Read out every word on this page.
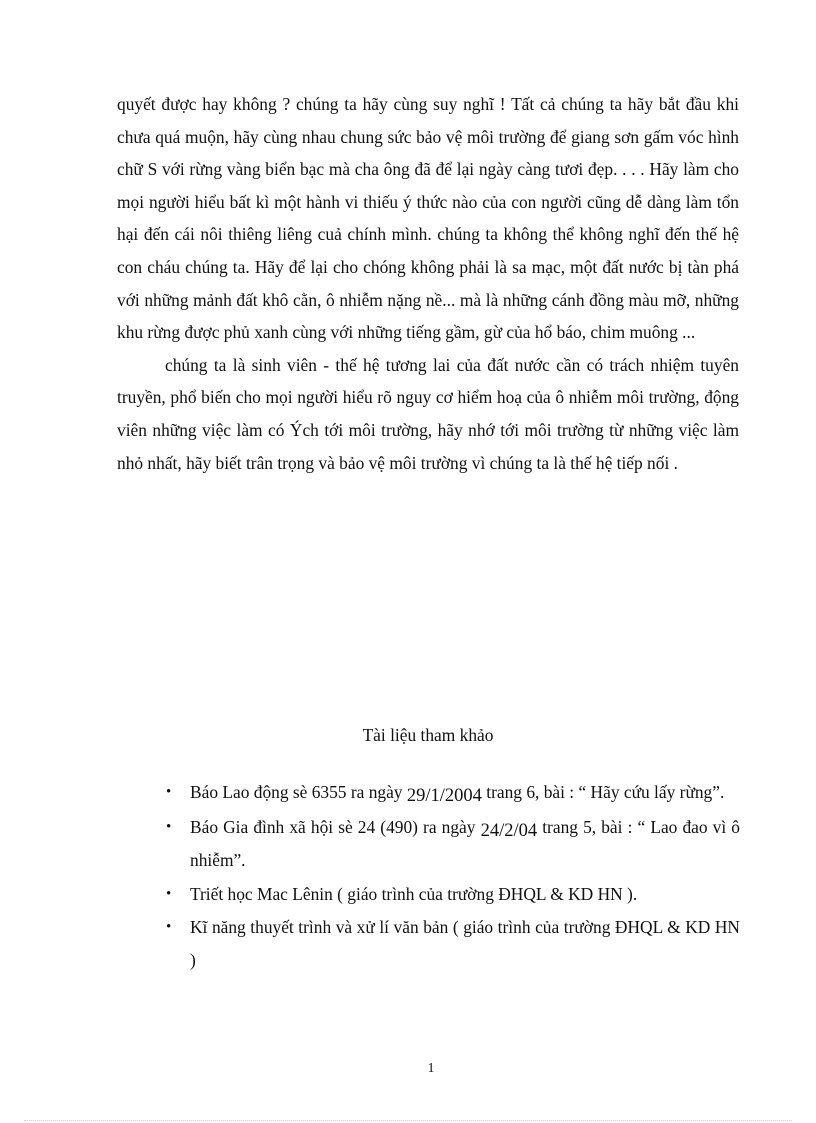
quyết được hay không ? chúng ta hãy cùng suy nghĩ ! Tất cả chúng ta hãy bắt đầu khi chưa quá muộn, hãy cùng nhau chung sức bảo vệ môi trường để giang sơn gấm vóc hình chữ S với rừng vàng biển bạc mà cha ông đã để lại ngày càng tươi đẹp. . . . Hãy làm cho mọi người hiểu bất kì một hành vi thiếu ý thức nào của con người cũng dễ dàng làm tổn hại đến cái nôi thiêng liêng cuả chính mình. chúng ta không thể không nghĩ đến thế hệ con cháu chúng ta. Hãy để lại cho chóng không phải là sa mạc, một đất nước bị tàn phá với những mảnh đất khô cằn, ô nhiễm nặng nề... mà là những cánh đồng màu mỡ, những khu rừng được phủ xanh cùng với những tiếng gầm, gừ của hổ báo, chim muông ...

chúng ta là sinh viên - thế hệ tương lai của đất nước cần có trách nhiệm tuyên truyền, phổ biến cho mọi người hiểu rõ nguy cơ hiểm hoạ của ô nhiễm môi trường, động viên những việc làm có Ých tới môi trường, hãy nhớ tới môi trường từ những việc làm nhỏ nhất, hãy biết trân trọng và bảo vệ môi trường vì chúng ta là thế hệ tiếp nối .

Tài liệu tham khảo

• Báo Lao động sè 6355 ra ngày 29/1/2004 trang 6, bài : “ Hãy cứu lấy rừng”.
• Báo Gia đình xã hội sè 24 (490) ra ngày 24/2/04 trang 5, bài : “ Lao đao vì ô nhiễm”.
• Triết học Mac Lênin ( giáo trình của trường ĐHQL & KD HN ).
• Kĩ năng thuyết trình và xử lí văn bản ( giáo trình của trường ĐHQL & KD HN )

1
